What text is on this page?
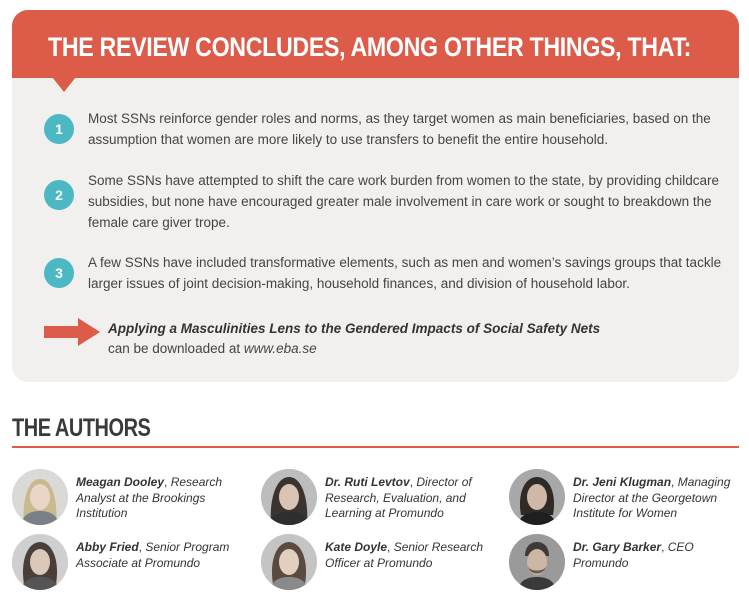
THE REVIEW CONCLUDES, AMONG OTHER THINGS, THAT:
1

Most SSNs reinforce gender roles and norms, as they target women as main beneficiaries, based on the assumption that women are more likely to use transfers to benefit the entire household.

2

Some SSNs have attempted to shift the care work burden from women to the state, by providing childcare subsidies, but none have encouraged greater male involvement in care work or sought to breakdown the female care giver trope.

3

A few SSNs have included transformative elements, such as men and women’s savings groups that tackle larger issues of joint decision-making, household finances, and division of household labor.

Applying a Masculinities Lens to the Gendered Impacts of Social Safety Nets

can be downloaded at www.eba.se

THE AUTHORS

Meagan Dooley, Research Analyst at the Brookings Institution

Dr. Ruti Levtov, Director of Research, Evaluation, and Learning at Promundo

Dr. Jeni Klugman, Managing Director at the Georgetown Institute for Women

Abby Fried, Senior Program Associate at Promundo

Kate Doyle, Senior Research Officer at Promundo

Dr. Gary Barker, CEO Promundo
